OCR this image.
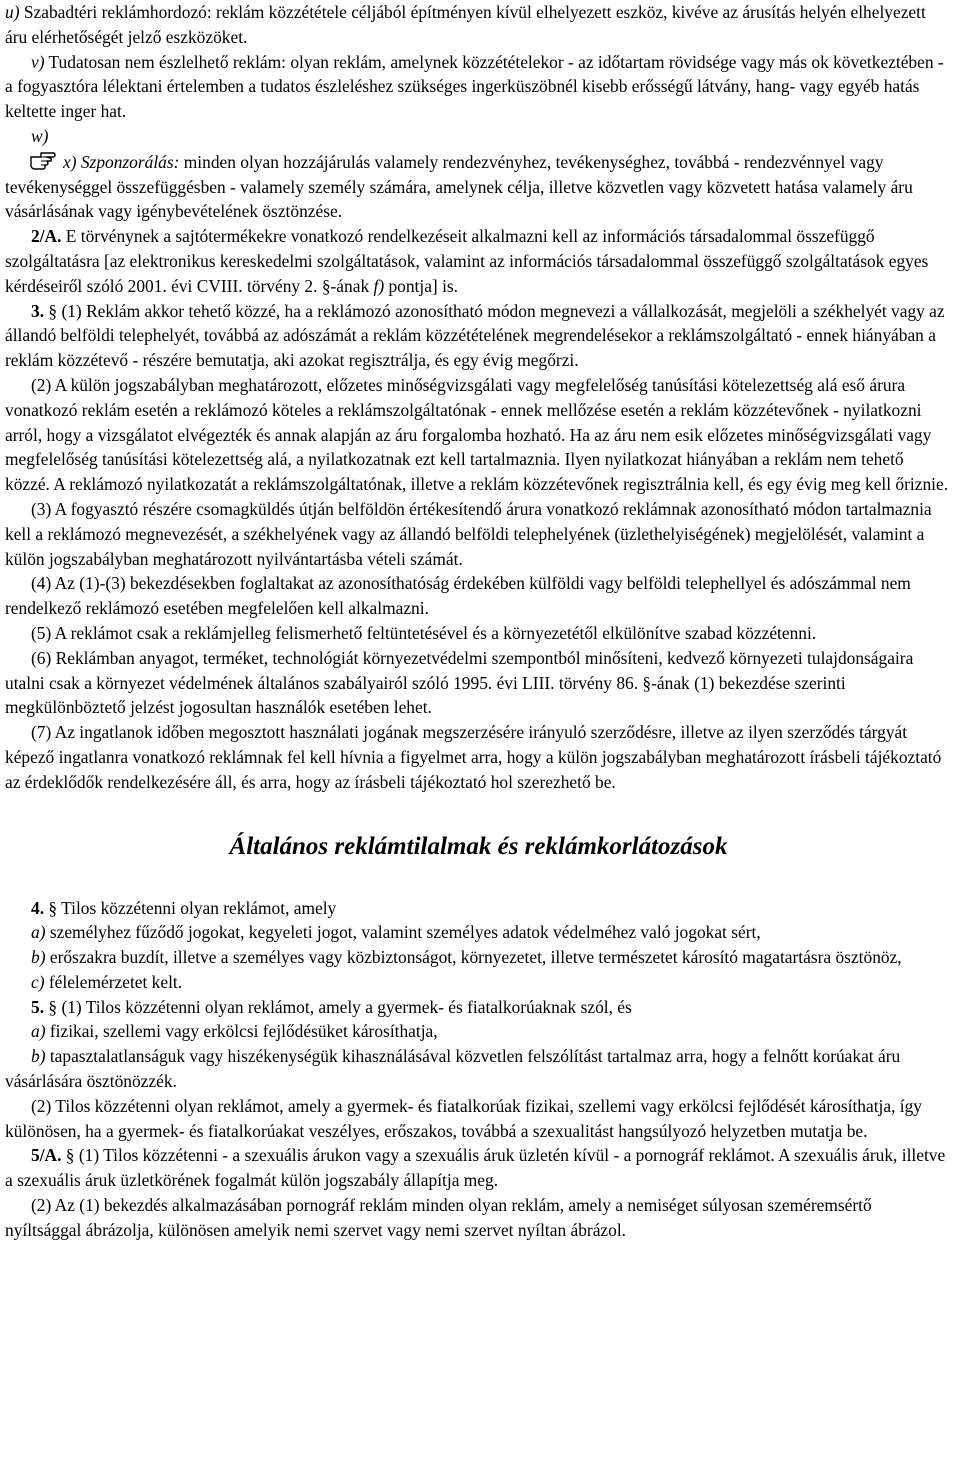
u) Szabadtéri reklámhordozó: reklám közzététele céljából építményen kívül elhelyezett eszköz, kivéve az árusítás helyén elhelyezett áru elérhetőségét jelző eszközöket.

v) Tudatosan nem észlelhető reklám: olyan reklám, amelynek közzétételekor - az időtartam rövidsége vagy más ok következtében - a fogyasztóra lélektani értelemben a tudatos észleléshez szükséges ingerküszöbnél kisebb erősségű látvány, hang- vagy egyéb hatás keltette inger hat.

w)

x) Szponzorálás: minden olyan hozzájárulás valamely rendezvényhez, tevékenységhez, továbbá - rendezvénnyel vagy tevékenységgel összefüggésben - valamely személy számára, amelynek célja, illetve közvetlen vagy közvetett hatása valamely áru vásárlásának vagy igénybevételének ösztönzése.

2/A. E törvénynek a sajtótermékekre vonatkozó rendelkezéseit alkalmazni kell az információs társadalommal összefüggő szolgáltatásra [az elektronikus kereskedelmi szolgáltatások, valamint az információs társadalommal összefüggő szolgáltatások egyes kérdéseiről szóló 2001. évi CVIII. törvény 2. §-ának f) pontja] is.

3. § (1) Reklám akkor tehető közzé, ha a reklámozó azonosítható módon megnevezi a vállalkozását, megjelöli a székhelyét vagy az állandó belföldi telephelyét, továbbá az adószámát a reklám közzétételének megrendelésekor a reklámszolgáltató - ennek hiányában a reklám közzétevő - részére bemutatja, aki azokat regisztrálja, és egy évig megőrzi.

(2) A külön jogszabályban meghatározott, előzetes minőségvizsgálati vagy megfelelőség tanúsítási kötelezettség alá eső árura vonatkozó reklám esetén a reklámozó köteles a reklámszolgáltatónak - ennek mellőzése esetén a reklám közzétevőnek - nyilatkozni arról, hogy a vizsgálatot elvégezték és annak alapján az áru forgalomba hozható. Ha az áru nem esik előzetes minőségvizsgálati vagy megfelelőség tanúsítási kötelezettség alá, a nyilatkozatnak ezt kell tartalmaznia. Ilyen nyilatkozat hiányában a reklám nem tehető közzé. A reklámozó nyilatkozatát a reklámszolgáltatónak, illetve a reklám közzétevőnek regisztrálnia kell, és egy évig meg kell őriznie.

(3) A fogyasztó részére csomagküldés útján belföldön értékesítendő árura vonatkozó reklámnak azonosítható módon tartalmaznia kell a reklámozó megnevezését, a székhelyének vagy az állandó belföldi telephelyének (üzlethelyiségének) megjelölését, valamint a külön jogszabályban meghatározott nyilvántartásba vételi számát.

(4) Az (1)-(3) bekezdésekben foglaltakat az azonosíthatóság érdekében külföldi vagy belföldi telephellyel és adószámmal nem rendelkező reklámozó esetében megfelelően kell alkalmazni.

(5) A reklámot csak a reklámjelleg felismerhető feltüntetésével és a környezetétől elkülönítve szabad közzétenni.

(6) Reklámban anyagot, terméket, technológiát környezetvédelmi szempontból minősíteni, kedvező környezeti tulajdonságaira utalni csak a környezet védelmének általános szabályairól szóló 1995. évi LIII. törvény 86. §-ának (1) bekezdése szerinti megkülönböztető jelzést jogosultan használók esetében lehet.

(7) Az ingatlanok időben megosztott használati jogának megszerzésére irányuló szerződésre, illetve az ilyen szerződés tárgyát képező ingatlanra vonatkozó reklámnak fel kell hívnia a figyelmet arra, hogy a külön jogszabályban meghatározott írásbeli tájékoztató az érdeklődők rendelkezésére áll, és arra, hogy az írásbeli tájékoztató hol szerezhető be.

Általános reklámtilalmak és reklámkorlátozások

4. § Tilos közzétenni olyan reklámot, amely

a) személyhez fűződő jogokat, kegyeleti jogot, valamint személyes adatok védelméhez való jogokat sért,

b) erőszakra buzdít, illetve a személyes vagy közbiztonságot, környezetet, illetve természetet károsító magatartásra ösztönöz,

c) félelemérzetet kelt.

5. § (1) Tilos közzétenni olyan reklámot, amely a gyermek- és fiatalkorúaknak szól, és

a) fizikai, szellemi vagy erkölcsi fejlődésüket károsíthatja,

b) tapasztalatlanságuk vagy hiszékenységük kihasználásával közvetlen felszólítást tartalmaz arra, hogy a felnőtt korúakat áru vásárlására ösztönözzék.

(2) Tilos közzétenni olyan reklámot, amely a gyermek- és fiatalkorúak fizikai, szellemi vagy erkölcsi fejlődését károsíthatja, így különösen, ha a gyermek- és fiatalkorúakat veszélyes, erőszakos, továbbá a szexualitást hangsúlyozó helyzetben mutatja be.

5/A. § (1) Tilos közzétenni - a szexuális árukon vagy a szexuális áruk üzletén kívül - a pornográf reklámot. A szexuális áruk, illetve a szexuális áruk üzletkörének fogalmát külön jogszabály állapítja meg.

(2) Az (1) bekezdés alkalmazásában pornográf reklám minden olyan reklám, amely a nemiséget súlyosan szeméremsértő nyíltsággal ábrázolja, különösen amelyik nemi szervet vagy nemi szervet nyíltan ábrázol.
